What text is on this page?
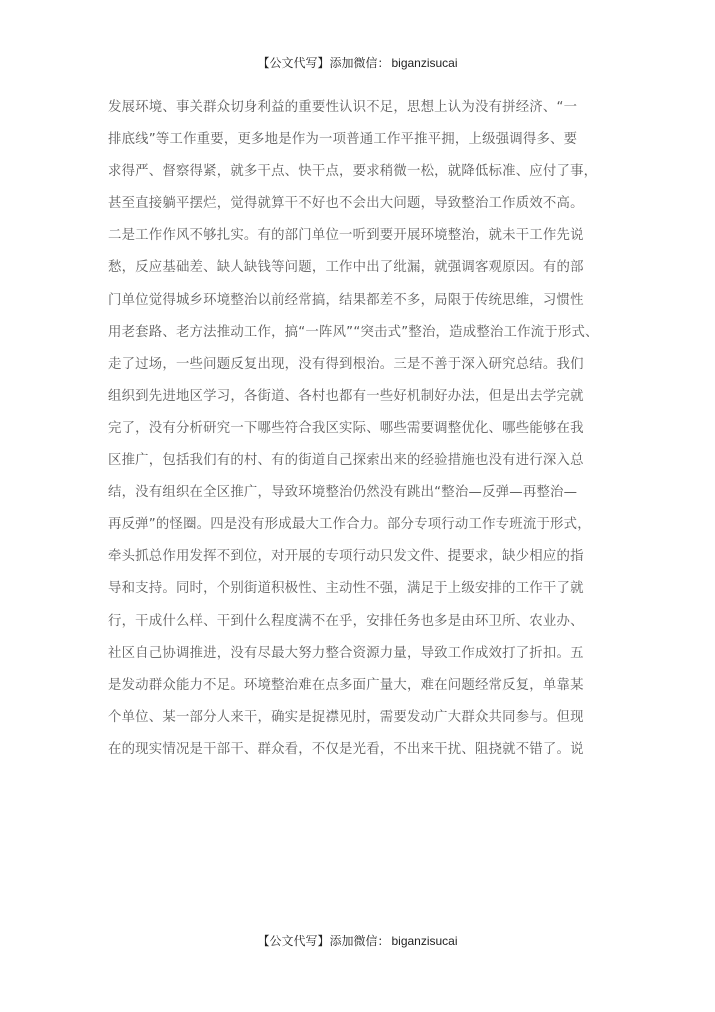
【公文代写】添加微信： biganzisucai
发展环境、事关群众切身利益的重要性认识不足，思想上认为没有拼经济、“一
排底线”等工作重要，更多地是作为一项普通工作平推平拥，上级强调得多、要
求得严、督察得紧，就多干点、快干点，要求稍微一松，就降低标准、应付了事，
甚至直接躺平摆烂，觉得就算干不好也不会出大问题，导致整治工作质效不高。
二是工作作风不够扎实。有的部门单位一听到要开展环境整治，就未干工作先说
愁，反应基础差、缺人缺钱等问题，工作中出了纰漏，就强调客观原因。有的部
门单位觉得城乡环境整治以前经常搞，结果都差不多，局限于传统思维，习惯性
用老套路、老方法推动工作，搞“一阵风”“突击式”整治，造成整治工作流于形式、
走了过场，一些问题反复出现，没有得到根治。三是不善于深入研究总结。我们
组织到先进地区学习，各街道、各村也都有一些好机制好办法，但是出去学完就
完了，没有分析研究一下哪些符合我区实际、哪些需要调整优化、哪些能够在我
区推广，包括我们有的村、有的街道自己探索出来的经验措施也没有进行深入总
结，没有组织在全区推广，导致环境整治仍然没有跳出“整治—反弹—再整治—
再反弹”的怪圈。四是没有形成最大工作合力。部分专项行动工作专班流于形式，
牵头抓总作用发挥不到位，对开展的专项行动只发文件、提要求，缺少相应的指
导和支持。同时，个别街道积极性、主动性不强，满足于上级安排的工作干了就
行，干成什么样、干到什么程度满不在乎，安排任务也多是由环卫所、农业办、
社区自己协调推进，没有尽最大努力整合资源力量，导致工作成效打了折扣。五
是发动群众能力不足。环境整治难在点多面广量大，难在问题经常反复，单靠某
个单位、某一部分人来干，确实是捉襟见肘，需要发动广大群众共同参与。但现
在的现实情况是干部干、群众看，不仅是光看，不出来干扰、阻挠就不错了。说
【公文代写】添加微信： biganzisucai
